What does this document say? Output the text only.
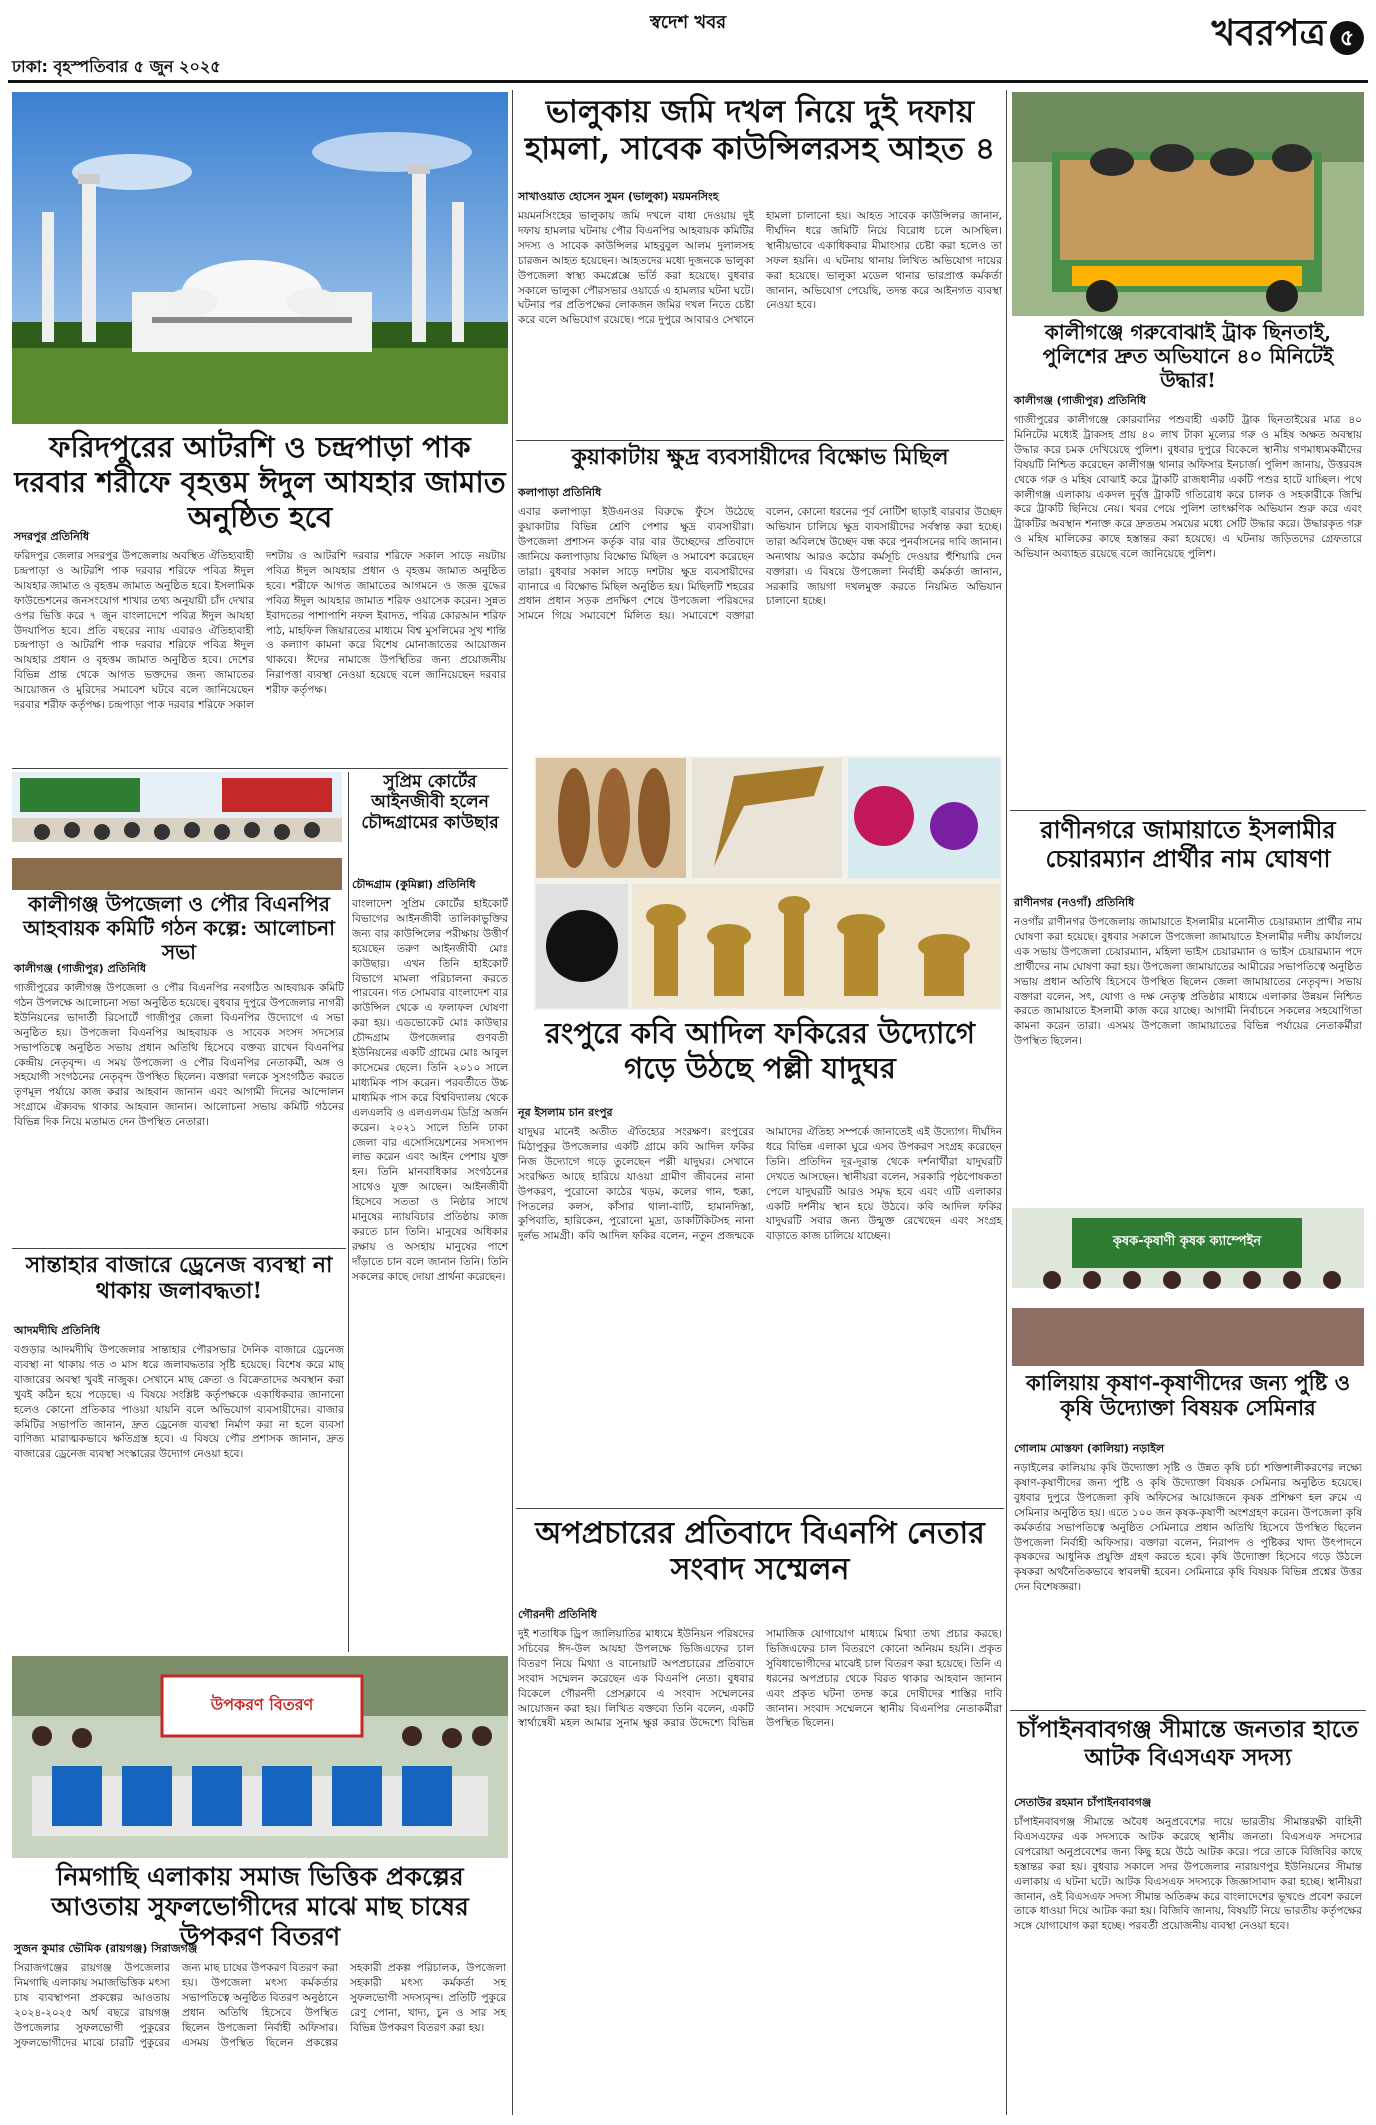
ঢাকা: বৃহস্পতিবার ৫ জুন ২০২৫
স্বদেশ খবর	খবরপত্র ৫
ফরিদপুরের আটরশি ও চন্দ্রপাড়া পাক দরবার শরীফে বৃহত্তম ঈদুল আযহার জামাত অনুষ্ঠিত হবে
সদরপুর প্রতিনিধি

ফরিদপুর জেলার সদরপুর উপজেলায় অবস্থিত ঐতিহ্যবাহী চন্দ্রপাড়া ও আটরশি পাক দরবার শরিফে পবিত্র ঈদুল আযহার জামাত ও বৃহত্তম জামাত অনুষ্ঠিত হবে। ইসলামিক ফাউন্ডেশনের জনসংযোগ শাখার তথ্য অনুযায়ী চাঁদ দেখার ওপর ভিত্তি করে ৭ জুন বাংলাদেশে পবিত্র ঈদুল আযহা উদযাপিত হবে। প্রতি বছরের ন্যায় এবারও ঐতিহ্যবাহী চন্দ্রপাড়া ও আটরশি পাক দরবার শরিফে পবিত্র ঈদুল আযহার প্রধান ও বৃহত্তম জামাত অনুষ্ঠিত হবে। দেশের বিভিন্ন প্রান্ত থেকে আগত ভক্তদের জন্য জামাতের আয়োজন ও মুরিদের সমাবেশ ঘটবে বলে জানিয়েছেন দরবার শরীফ কর্তৃপক্ষ। চন্দ্রপাড়া পাক দরবার শরিফে সকাল দশটায় ও আটরশি দরবার শরিফে সকাল সাড়ে নয়টায় পবিত্র ঈদুল আযহার প্রধান ও বৃহত্তম জামাত অনুষ্ঠিত হবে। শরীফে আগত জামাতের আগমনে ও জজ্ঞ বুদ্ধের পবিত্র ঈদুল আযহার জামাত শরিফ ওয়াসেক করেন। সুন্নত ইবাদতের পাশাপাশি নফল ইবাদত, পবিত্র কোরআন শরিফ পাঠ, মাহফিল জিয়ারতের মাধ্যমে বিশ্ব মুসলিমের সুখ শান্তি ও কল্যাণ কামনা করে বিশেষ মোনাজাতের আয়োজন থাকবে। ঈদের নামাজে উপস্থিতির জন্য প্রয়োজনীয় নিরাপত্তা ব্যবস্থা নেওয়া হয়েছে বলে জানিয়েছেন দরবার শরীফ কর্তৃপক্ষ।

কালীগঞ্জ উপজেলা ও পৌর বিএনপির আহবায়ক কমিটি গঠন কল্পে: আলোচনা সভা
কালীগঞ্জ (গাজীপুর) প্রতিনিধি

গাজীপুরের কালীগঞ্জ উপজেলা ও পৌর বিএনপির নবগঠিত আহবায়ক কমিটি গঠন উপলক্ষে আলোচনা সভা অনুষ্ঠিত হয়েছে। বুধবার দুপুরে উপজেলার নাগরী ইউনিয়নের ভাদার্তী রিসোর্টে গাজীপুর জেলা বিএনপির উদ্যোগে এ সভা অনুষ্ঠিত হয়। উপজেলা বিএনপির আহবায়ক ও সাবেক সংসদ সদস্যের সভাপতিত্বে অনুষ্ঠিত সভায় প্রধান অতিথি হিসেবে বক্তব্য রাখেন বিএনপির কেন্দ্রীয় নেতৃবৃন্দ। এ সময় উপজেলা ও পৌর বিএনপির নেতাকর্মী, অঙ্গ ও সহযোগী সংগঠনের নেতৃবৃন্দ উপস্থিত ছিলেন। বক্তারা দলকে সুসংগঠিত করতে তৃণমূল পর্যায়ে কাজ করার আহবান জানান এবং আগামী দিনের আন্দোলন সংগ্রামে ঐক্যবদ্ধ থাকার আহবান জানান। আলোচনা সভায় কমিটি গঠনের বিভিন্ন দিক নিয়ে মতামত দেন উপস্থিত নেতারা।

সুপ্রিম কোর্টের আইনজীবী হলেন চৌদ্দগ্রামের কাউছার
চৌদ্দগ্রাম (কুমিল্লা) প্রতিনিধি

বাংলাদেশ সুপ্রিম কোর্টের হাইকোর্ট বিভাগের আইনজীবী তালিকাভুক্তির জন্য বার কাউন্সিলের পরীক্ষায় উত্তীর্ণ হয়েছেন তরুণ আইনজীবী মোঃ কাউছার। এখন তিনি হাইকোর্ট বিভাগে মামলা পরিচালনা করতে পারবেন। গত সোমবার বাংলাদেশ বার কাউন্সিল থেকে এ ফলাফল ঘোষণা করা হয়। এডভোকেট মোঃ কাউছার চৌদ্দগ্রাম উপজেলার গুণবতী ইউনিয়নের একটি গ্রামের মোঃ আবুল কাসেমের ছেলে। তিনি ২০১০ সালে মাধ্যমিক পাস করেন। পরবর্তীতে উচ্চ মাধ্যমিক পাস করে বিশ্ববিদ্যালয় থেকে এলএলবি ও এলএলএম ডিগ্রি অর্জন করেন। ২০২১ সালে তিনি ঢাকা জেলা বার এসোসিয়েশনের সদস্যপদ লাভ করেন এবং আইন পেশায় যুক্ত হন। তিনি মানবাধিকার সংগঠনের সাথেও যুক্ত আছেন। আইনজীবী হিসেবে সততা ও নিষ্ঠার সাথে মানুষের ন্যায়বিচার প্রতিষ্ঠায় কাজ করতে চান তিনি। মানুষের অধিকার রক্ষায় ও অসহায় মানুষের পাশে দাঁড়াতে চান বলে জানান তিনি। তিনি সকলের কাছে দোয়া প্রার্থনা করেছেন।

সান্তাহার বাজারে ড্রেনেজ ব্যবস্থা না থাকায় জলাবদ্ধতা!
আদমদীঘি প্রতিনিধি

বগুড়ার আদমদীঘি উপজেলার সান্তাহার পৌরসভার দৈনিক বাজারে ড্রেনেজ ব্যবস্থা না থাকায় গত ৩ মাস ধরে জলাবদ্ধতার সৃষ্টি হয়েছে। বিশেষ করে মাছ বাজারের অবস্থা খুবই নাজুক। সেখানে মাছ ক্রেতা ও বিক্রেতাদের অবস্থান করা খুবই কঠিন হয়ে পড়েছে। এ বিষয়ে সংশ্লিষ্ট কর্তৃপক্ষকে একাধিকবার জানানো হলেও কোনো প্রতিকার পাওয়া যায়নি বলে অভিযোগ ব্যবসায়ীদের। বাজার কমিটির সভাপতি জানান, দ্রুত ড্রেনেজ ব্যবস্থা নির্মাণ করা না হলে ব্যবসা বাণিজ্য মারাত্মকভাবে ক্ষতিগ্রস্ত হবে। এ বিষয়ে পৌর প্রশাসক জানান, দ্রুত বাজারের ড্রেনেজ ব্যবস্থা সংস্কারের উদ্যোগ নেওয়া হবে।

উপকরণ বিতরণ
নিমগাছি এলাকায় সমাজ ভিত্তিক প্রকল্পের আওতায় সুফলভোগীদের মাঝে মাছ চাষের উপকরণ বিতরণ
সুজন কুমার ভৌমিক (রায়গঞ্জ) সিরাজগঞ্জ

সিরাজগঞ্জের রায়গঞ্জ উপজেলার নিমগাছি এলাকায় সমাজভিত্তিক মৎস্য চাষ ব্যবস্থাপনা প্রকল্পের আওতায় ২০২৪-২০২৫ অর্থ বছরে রায়গঞ্জ উপজেলার সুফলভোগী পুকুরের সুফলভোগীদের মাঝে চারটি পুকুরের জন্য মাছ চাষের উপকরণ বিতরণ করা হয়। উপজেলা মৎস্য কর্মকর্তার সভাপতিত্বে অনুষ্ঠিত বিতরণ অনুষ্ঠানে প্রধান অতিথি হিসেবে উপস্থিত ছিলেন উপজেলা নির্বাহী অফিসার। এসময় উপস্থিত ছিলেন প্রকল্পের সহকারী প্রকল্প পরিচালক, উপজেলা সহকারী মৎস্য কর্মকর্তা সহ সুফলভোগী সদস্যবৃন্দ। প্রতিটি পুকুরে রেণু পোনা, খাদ্য, চুন ও সার সহ বিভিন্ন উপকরণ বিতরণ করা হয়।

ভালুকায় জমি দখল নিয়ে দুই দফায় হামলা, সাবেক কাউন্সিলরসহ আহত ৪
সাখাওয়াত হোসেন সুমন (ভালুকা) ময়মনসিংহ

ময়মনসিংহের ভালুকায় জমি দখলে বাধা দেওয়ায় দুই দফায় হামলার ঘটনায় পৌর বিএনপির আহবায়ক কমিটির সদস্য ও সাবেক কাউন্সিলর মাহবুবুল আলম দুলালসহ চারজন আহত হয়েছেন। আহতদের মধ্যে দুজনকে ভালুকা উপজেলা স্বাস্থ্য কমপ্লেক্সে ভর্তি করা হয়েছে। বুধবার সকালে ভালুকা পৌরসভার ওয়ার্ডে এ হামলার ঘটনা ঘটে। ঘটনার পর প্রতিপক্ষের লোকজন জমির দখল নিতে চেষ্টা করে বলে অভিযোগ রয়েছে। পরে দুপুরে আবারও সেখানে হামলা চালানো হয়। আহত সাবেক কাউন্সিলর জানান, দীর্ঘদিন ধরে জমিটি নিয়ে বিরোধ চলে আসছিল। স্থানীয়ভাবে একাধিকবার মীমাংসার চেষ্টা করা হলেও তা সফল হয়নি। এ ঘটনায় থানায় লিখিত অভিযোগ দায়ের করা হয়েছে। ভালুকা মডেল থানার ভারপ্রাপ্ত কর্মকর্তা জানান, অভিযোগ পেয়েছি, তদন্ত করে আইনগত ব্যবস্থা নেওয়া হবে।

কুয়াকাটায় ক্ষুদ্র ব্যবসায়ীদের বিক্ষোভ মিছিল
কলাপাড়া প্রতিনিধি

এবার কলাপাড়া ইউএনওর বিরুদ্ধে ফুঁসে উঠেছে কুয়াকাটার বিভিন্ন শ্রেণি পেশার ক্ষুদ্র ব্যবসায়ীরা। উপজেলা প্রশাসন কর্তৃক বার বার উচ্ছেদের প্রতিবাদে জানিয়ে কলাপাড়ায় বিক্ষোভ মিছিল ও সমাবেশ করেছেন তারা। বুধবার সকাল সাড়ে দশটায় ক্ষুদ্র ব্যবসায়ীদের ব্যানারে এ বিক্ষোভ মিছিল অনুষ্ঠিত হয়। মিছিলটি শহরের প্রধান প্রধান সড়ক প্রদক্ষিণ শেষে উপজেলা পরিষদের সামনে গিয়ে সমাবেশে মিলিত হয়। সমাবেশে বক্তারা বলেন, কোনো ধরনের পূর্ব নোটিশ ছাড়াই বারবার উচ্ছেদ অভিযান চালিয়ে ক্ষুদ্র ব্যবসায়ীদের সর্বস্বান্ত করা হচ্ছে। তারা অবিলম্বে উচ্ছেদ বন্ধ করে পুনর্বাসনের দাবি জানান। অন্যথায় আরও কঠোর কর্মসূচি দেওয়ার হুঁশিয়ারি দেন বক্তারা। এ বিষয়ে উপজেলা নির্বাহী কর্মকর্তা জানান, সরকারি জায়গা দখলমুক্ত করতে নিয়মিত অভিযান চালানো হচ্ছে।

রংপুরে কবি আদিল ফকিরের উদ্যোগে গড়ে উঠছে পল্লী যাদুঘর
নূর ইসলাম চান রংপুর

যাদুঘর মানেই অতীত ঐতিহ্যের সংরক্ষণ। রংপুরের মিঠাপুকুর উপজেলার একটি গ্রামে কবি আদিল ফকির নিজ উদ্যোগে গড়ে তুলেছেন পল্লী যাদুঘর। সেখানে সংরক্ষিত আছে হারিয়ে যাওয়া গ্রামীণ জীবনের নানা উপকরণ, পুরোনো কাঠের খড়ম, কলের গান, হুক্কা, পিতলের কলস, কাঁসার থালা-বাটি, হামানদিস্তা, কুপিবাতি, হারিকেন, পুরোনো মুদ্রা, ডাকটিকিটসহ নানা দুর্লভ সামগ্রী। কবি আদিল ফকির বলেন, নতুন প্রজন্মকে আমাদের ঐতিহ্য সম্পর্কে জানাতেই এই উদ্যোগ। দীর্ঘদিন ধরে বিভিন্ন এলাকা ঘুরে এসব উপকরণ সংগ্রহ করেছেন তিনি। প্রতিদিন দূর-দূরান্ত থেকে দর্শনার্থীরা যাদুঘরটি দেখতে আসছেন। স্থানীয়রা বলেন, সরকারি পৃষ্ঠপোষকতা পেলে যাদুঘরটি আরও সমৃদ্ধ হবে এবং এটি এলাকার একটি দর্শনীয় স্থান হয়ে উঠবে। কবি আদিল ফকির যাদুঘরটি সবার জন্য উন্মুক্ত রেখেছেন এবং সংগ্রহ বাড়াতে কাজ চালিয়ে যাচ্ছেন।

অপপ্রচারের প্রতিবাদে বিএনপি নেতার সংবাদ সম্মেলন
গৌরনদী প্রতিনিধি

দুই শতাধিক ড্রিপ জালিয়াতির মাধ্যমে ইউনিয়ন পরিষদের সচিবের ঈদ-উল আযহা উপলক্ষে ভিজিএফের চাল বিতরণ নিয়ে মিথ্যা ও বানোয়াট অপপ্রচারের প্রতিবাদে সংবাদ সম্মেলন করেছেন এক বিএনপি নেতা। বুধবার বিকেলে গৌরনদী প্রেসক্লাবে এ সংবাদ সম্মেলনের আয়োজন করা হয়। লিখিত বক্তব্যে তিনি বলেন, একটি স্বার্থান্বেষী মহল আমার সুনাম ক্ষুণ্ণ করার উদ্দেশ্যে বিভিন্ন সামাজিক যোগাযোগ মাধ্যমে মিথ্যা তথ্য প্রচার করছে। ভিজিএফের চাল বিতরণে কোনো অনিয়ম হয়নি। প্রকৃত সুবিধাভোগীদের মাঝেই চাল বিতরণ করা হয়েছে। তিনি এ ধরনের অপপ্রচার থেকে বিরত থাকার আহবান জানান এবং প্রকৃত ঘটনা তদন্ত করে দোষীদের শাস্তির দাবি জানান। সংবাদ সম্মেলনে স্থানীয় বিএনপির নেতাকর্মীরা উপস্থিত ছিলেন।

কালীগঞ্জে গরুবোঝাই ট্রাক ছিনতাই, পুলিশের দ্রুত অভিযানে ৪০ মিনিটেই উদ্ধার!
কালীগঞ্জ (গাজীপুর) প্রতিনিধি

গাজীপুরের কালীগঞ্জে কোরবানির পশুবাহী একটি ট্রাক ছিনতাইয়ের মাত্র ৪০ মিনিটের মধ্যেই ট্রাকসহ প্রায় ৪০ লাখ টাকা মূল্যের গরু ও মহিষ অক্ষত অবস্থায় উদ্ধার করে চমক দেখিয়েছে পুলিশ। বুধবার দুপুরে বিকেলে স্থানীয় গণমাধ্যমকর্মীদের বিষয়টি নিশ্চিত করেছেন কালীগঞ্জ থানার অফিসার ইনচার্জ। পুলিশ জানায়, উত্তরবঙ্গ থেকে গরু ও মহিষ বোঝাই করে ট্রাকটি রাজধানীর একটি পশুর হাটে যাচ্ছিল। পথে কালীগঞ্জ এলাকায় একদল দুর্বৃত্ত ট্রাকটি গতিরোধ করে চালক ও সহকারীকে জিম্মি করে ট্রাকটি ছিনিয়ে নেয়। খবর পেয়ে পুলিশ তাৎক্ষণিক অভিযান শুরু করে এবং ট্রাকটির অবস্থান শনাক্ত করে দ্রুততম সময়ের মধ্যে সেটি উদ্ধার করে। উদ্ধারকৃত গরু ও মহিষ মালিকের কাছে হস্তান্তর করা হয়েছে। এ ঘটনায় জড়িতদের গ্রেফতারে অভিযান অব্যাহত রয়েছে বলে জানিয়েছে পুলিশ।

রাণীনগরে জামায়াতে ইসলামীর চেয়ারম্যান প্রার্থীর নাম ঘোষণা
রাণীনগর (নওগাঁ) প্রতিনিধি

নওগাঁর রাণীনগর উপজেলায় জামায়াতে ইসলামীর মনোনীত চেয়ারম্যান প্রার্থীর নাম ঘোষণা করা হয়েছে। বুধবার সকালে উপজেলা জামায়াতে ইসলামীর দলীয় কার্যালয়ে এক সভায় উপজেলা চেয়ারম্যান, মহিলা ভাইস চেয়ারম্যান ও ভাইস চেয়ারম্যান পদে প্রার্থীদের নাম ঘোষণা করা হয়। উপজেলা জামায়াতের আমীরের সভাপতিত্বে অনুষ্ঠিত সভায় প্রধান অতিথি হিসেবে উপস্থিত ছিলেন জেলা জামায়াতের নেতৃবৃন্দ। সভায় বক্তারা বলেন, সৎ, যোগ্য ও দক্ষ নেতৃত্ব প্রতিষ্ঠার মাধ্যমে এলাকার উন্নয়ন নিশ্চিত করতে জামায়াতে ইসলামী কাজ করে যাচ্ছে। আগামী নির্বাচনে সকলের সহযোগিতা কামনা করেন তারা। এসময় উপজেলা জামায়াতের বিভিন্ন পর্যায়ের নেতাকর্মীরা উপস্থিত ছিলেন।

কৃষক-কৃষাণী কৃষক ক্যাম্পেইন
কালিয়ায় কৃষাণ-কৃষাণীদের জন্য পুষ্টি ও কৃষি উদ্যোক্তা বিষয়ক সেমিনার
গোলাম মোস্তফা (কালিয়া) নড়াইল

নড়াইলের কালিয়ায় কৃষি উদ্যোক্তা সৃষ্টি ও উন্নত কৃষি চর্চা শক্তিশালীকরণের লক্ষ্যে কৃষাণ-কৃষাণীদের জন্য পুষ্টি ও কৃষি উদ্যোক্তা বিষয়ক সেমিনার অনুষ্ঠিত হয়েছে। বুধবার দুপুরে উপজেলা কৃষি অফিসের আয়োজনে কৃষক প্রশিক্ষণ হল রুমে এ সেমিনার অনুষ্ঠিত হয়। এতে ১০০ জন কৃষক-কৃষাণী অংশগ্রহণ করেন। উপজেলা কৃষি কর্মকর্তার সভাপতিত্বে অনুষ্ঠিত সেমিনারে প্রধান অতিথি হিসেবে উপস্থিত ছিলেন উপজেলা নির্বাহী অফিসার। বক্তারা বলেন, নিরাপদ ও পুষ্টিকর খাদ্য উৎপাদনে কৃষকদের আধুনিক প্রযুক্তি গ্রহণ করতে হবে। কৃষি উদ্যোক্তা হিসেবে গড়ে উঠলে কৃষকরা অর্থনৈতিকভাবে স্বাবলম্বী হবেন। সেমিনারে কৃষি বিষয়ক বিভিন্ন প্রশ্নের উত্তর দেন বিশেষজ্ঞরা।

চাঁপাইনবাবগঞ্জ সীমান্তে জনতার হাতে আটক বিএসএফ সদস্য
সেতাউর রহমান চাঁপাইনবাবগঞ্জ

চাঁপাইনবাবগঞ্জ সীমান্তে অবৈধ অনুপ্রবেশের দায়ে ভারতীয় সীমান্তরক্ষী বাহিনী বিএসএফের এক সদস্যকে আটক করেছে স্থানীয় জনতা। বিএসএফ সদস্যের বেপরোয়া অনুপ্রবেশের জন্য কিছু হয়ে উঠে আটক করে। পরে তাকে বিজিবির কাছে হস্তান্তর করা হয়। বুধবার সকালে সদর উপজেলার নারায়ণপুর ইউনিয়নের সীমান্ত এলাকায় এ ঘটনা ঘটে। আটক বিএসএফ সদস্যকে জিজ্ঞাসাবাদ করা হচ্ছে। স্থানীয়রা জানান, ওই বিএসএফ সদস্য সীমান্ত অতিক্রম করে বাংলাদেশের ভূখণ্ডে প্রবেশ করলে তাকে ধাওয়া দিয়ে আটক করা হয়। বিজিবি জানায়, বিষয়টি নিয়ে ভারতীয় কর্তৃপক্ষের সঙ্গে যোগাযোগ করা হচ্ছে। পরবর্তী প্রয়োজনীয় ব্যবস্থা নেওয়া হবে।
